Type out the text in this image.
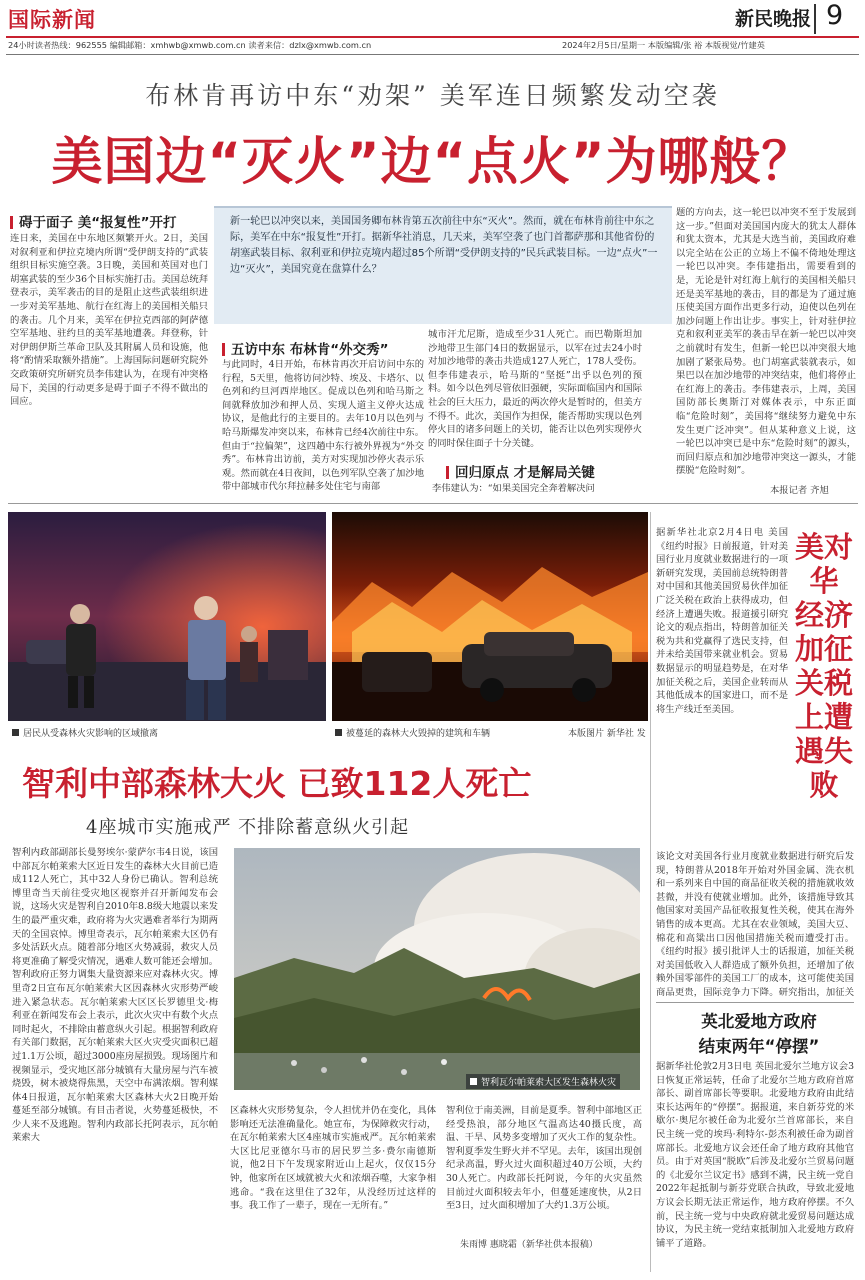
国际新闻	新民晚报 9
24小时读者热线：962555 编辑邮箱：xmhwb@xmwb.com.cn 读者来信：dzlx@xmwb.com.cn	2024年2月5日/星期一 本版编辑/张 裕 本版视觉/竹建英
布林肯再访中东“劝架” 美军连日频繁发动空袭
美国边“灭火”边“点火”为哪般？
碍于面子 美“报复性”开打
连日来，美国在中东地区频繁开火。2日，美国对叙利亚和伊拉克境内所谓“受伊朗支持的”武装组织目标实施空袭。3日晚，美国和英国对也门胡塞武装的至少36个目标实施打击。美国总统拜登表示，美军袭击的目的是阻止这些武装组织进一步对美军基地、航行在红海上的美国相关船只的袭击。几个月来，美军在伊拉克西部的阿萨德空军基地、驻约旦的美军基地遭袭。拜登称，针对伊朗伊斯兰革命卫队及其附属人员和设施，他将“酌情采取额外措施”。上海国际问题研究院外交政策研究所研究员李伟建认为，在现有冲突格局下，美国的行动更多是碍于面子不得不做出的回应。
新一轮巴以冲突以来，美国国务卿布林肯第五次前往中东“灭火”。然而，就在布林肯前往中东之际，美军在中东“报复性”开打。据新华社消息，几天来，美军空袭了也门首都萨那和其他省份的胡塞武装目标、叙利亚和伊拉克境内超过85个所谓“受伊朗支持的”民兵武装目标。一边“点火”一边“灭火”，美国究竟在盘算什么？
五访中东 布林肯“外交秀”
与此同时，4日开始，布林肯再次开启访问中东的行程，5天里，他将访问沙特、埃及、卡塔尔、以色列和约旦河西岸地区。促成以色列和哈马斯之间就释放加沙和押人员、实现人道主义停火达成协议，是他此行的主要目的。去年10月以色列与哈马斯爆发冲突以来，布林肯已经4次前往中东。但由于“拉偏架”，这四趟中东行被外界视为“外交秀”。布林肯出访前，美方对实现加沙停火表示乐观。然而就在4日夜间，以色列军队空袭了加沙地带中部城市代尔拜拉赫多处住宅与南部
城市汗尤尼斯，造成至少31人死亡。而巴勒斯坦加沙地带卫生部门4日的数据显示，以军在过去24小时对加沙地带的袭击共造成127人死亡，178人受伤。但李伟建表示，哈马斯的“坚挺”出乎以色列的预料。如今以色列尽管依旧强硬，实际面临国内和国际社会的巨大压力，最近的两次停火是暂时的，但美方不得不。此次，美国作为担保，能否帮助实现以色列停火目的诸多问题上的关切，能否让以色列实现停火的同时保住面子十分关键。
回归原点 才是解局关键
李伟建认为：“如果美国完全奔着解决问
题的方向去，这一轮巴以冲突不至于发展到这一步。”但面对美国国内庞大的犹太人群体和犹太资本，尤其是大选当前，美国政府难以完全站在公正的立场上不偏不倚地处理这一轮巴以冲突。李伟建指出，需要看到的是，无论是针对红海上航行的美国相关船只还是美军基地的袭击，目的都是为了通过施压使美国方面作出更多行动，迫使以色列在加沙问题上作出让步。事实上，针对驻伊拉克和叙利亚美军的袭击早在新一轮巴以冲突之前就时有发生，但新一轮巴以冲突很大地加剧了紧张局势。也门胡塞武装就表示，如果巴以在加沙地带的冲突结束，他们将停止在红海上的袭击。李伟建表示，上周，美国国防部长奥斯汀对媒体表示，中东正面临“危险时刻”，美国将“继续努力避免中东发生更广泛冲突”。但从某种意义上说，这一轮巴以冲突已是中东“危险时刻”的源头，而回归原点和加沙地带冲突这一源头，才能摆脱“危险时刻”。
本报记者 齐旭
居民从受森林火灾影响的区域撤离	被蔓延的森林大火毁掉的建筑和车辆	本版图片 新华社 发
智利中部森林大火 已致112人死亡
4座城市实施戒严 不排除蓄意纵火引起
智利内政部副部长曼努埃尔·蒙萨尔韦4日说，该国中部瓦尔帕莱索大区近日发生的森林大火目前已造成112人死亡，其中32人身份已确认。智利总统博里奇当天前往受灾地区视察并召开新闻发布会说，这场火灾是智利自2010年8.8级大地震以来发生的最严重灾难，政府将为火灾遇难者举行为期两天的全国哀悼。博里奇表示，瓦尔帕莱索大区仍有多处活跃火点。随着部分地区火势减弱，救灾人员将更准确了解受灾情况，遇难人数可能还会增加。智利政府正努力调集大量资源来应对森林火灾。博里奇2日宣布瓦尔帕莱索大区因森林火灾形势严峻进入紧急状态。瓦尔帕莱索大区区长罗德里戈·梅利亚在新闻发布会上表示，此次火灾中有数个火点同时起火，不排除由蓄意纵火引起。根据智利政府有关部门数据，瓦尔帕莱索大区火灾受灾面积已超过1.1万公顷，超过3000座房屋损毁。现场图片和视频显示，受灾地区部分城镇有大量房屋与汽车被烧毁，树木被烧得焦黑，天空中布满浓烟。智利媒体4日报道，瓦尔帕莱索大区森林大火2日晚开始蔓延至部分城镇。有目击者说，火势蔓延极快，不少人来不及逃跑。智利内政部长托阿表示，瓦尔帕莱索大
智利瓦尔帕莱索大区发生森林火灾
区森林火灾形势复杂，令人担忧并仍在变化，具体影响还无法准确量化。她宣布，为保障救灾行动，在瓦尔帕莱索大区4座城市实施戒严。瓦尔帕莱索大区比尼亚德尔马市的居民罗兰多·费尔南德斯说，他2日下午发现家附近山上起火，仅仅15分钟，他家所在区域就被大火和浓烟吞噬，大家争相逃命。“我在这里住了32年，从没经历过这样的事。我工作了一辈子，现在一无所有。”
智利位于南美洲，目前是夏季。智利中部地区正经受热浪，部分地区气温高达40摄氏度，高温、干旱、风势多变增加了灭火工作的复杂性。智利夏季发生野火并不罕见。去年，该国出现创纪录高温，野火过火面积超过40万公顷，大约30人死亡。内政部长托阿说，今年的火灾虽然目前过火面积较去年小，但蔓延速度快，从2日至3日，过火面积增加了大约1.3万公顷。
朱雨博 惠晓霜（新华社供本报稿）
美对华
经济加征关税
上遭遇失败
据新华社北京2月4日电 美国《纽约时报》日前报道，针对美国行业月度就业数据进行的一项新研究发现，美国前总统特朗普对中国和其他美国贸易伙伴加征广泛关税在政治上获得成功，但经济上遭遇失败。报道援引研究论文的观点指出，特朗普加征关税为共和党赢得了选民支持，但并未给美国带来就业机会。贸易数据显示的明显趋势是，在对华加征关税之后，美国企业转而从其他低成本的国家进口，而不是将生产线迁至美国。
该论文对美国各行业月度就业数据进行研究后发现，特朗普从2018年开始对外国金属、洗衣机和一系列来自中国的商品征收关税的措施就收效甚微，并没有使就业增加。此外，该措施导致其他国家对美国产品征收报复性关税，使其在海外销售的成本更高。尤其在农业领域，美国大豆、棉花和高粱出口因他国措施关税而遭受打击。《纽约时报》援引批评人士的话报道，加征关税对美国低收入人群造成了额外负担，还增加了依赖外国零部件的美国工厂的成本，这可能使美国商品更贵，国际竞争力下降。研究指出，加征关
英北爱地方政府
结束两年“停摆”
据新华社伦敦2月3日电 英国北爱尔兰地方议会3日恢复正常运转，任命了北爱尔兰地方政府首席部长、副首席部长等要职。北爱地方政府由此结束长达两年的“停摆”。据报道，来自新芬党的米歇尔·奥尼尔被任命为北爱尔兰首席部长，来自民主统一党的埃玛·利特尔-彭杰利被任命为副首席部长。北爱地方议会还任命了地方政府其他官员。由于对英国“脱欧”后涉及北爱尔兰贸易问题的《北爱尔兰议定书》感到不满，民主统一党自2022年起抵制与新芬党联合执政，导致北爱地方议会长期无法正常运作，地方政府停摆。不久前，民主统一党与中央政府就北爱贸易问题达成协议，为民主统一党结束抵制加入北爱地方政府铺平了道路。
